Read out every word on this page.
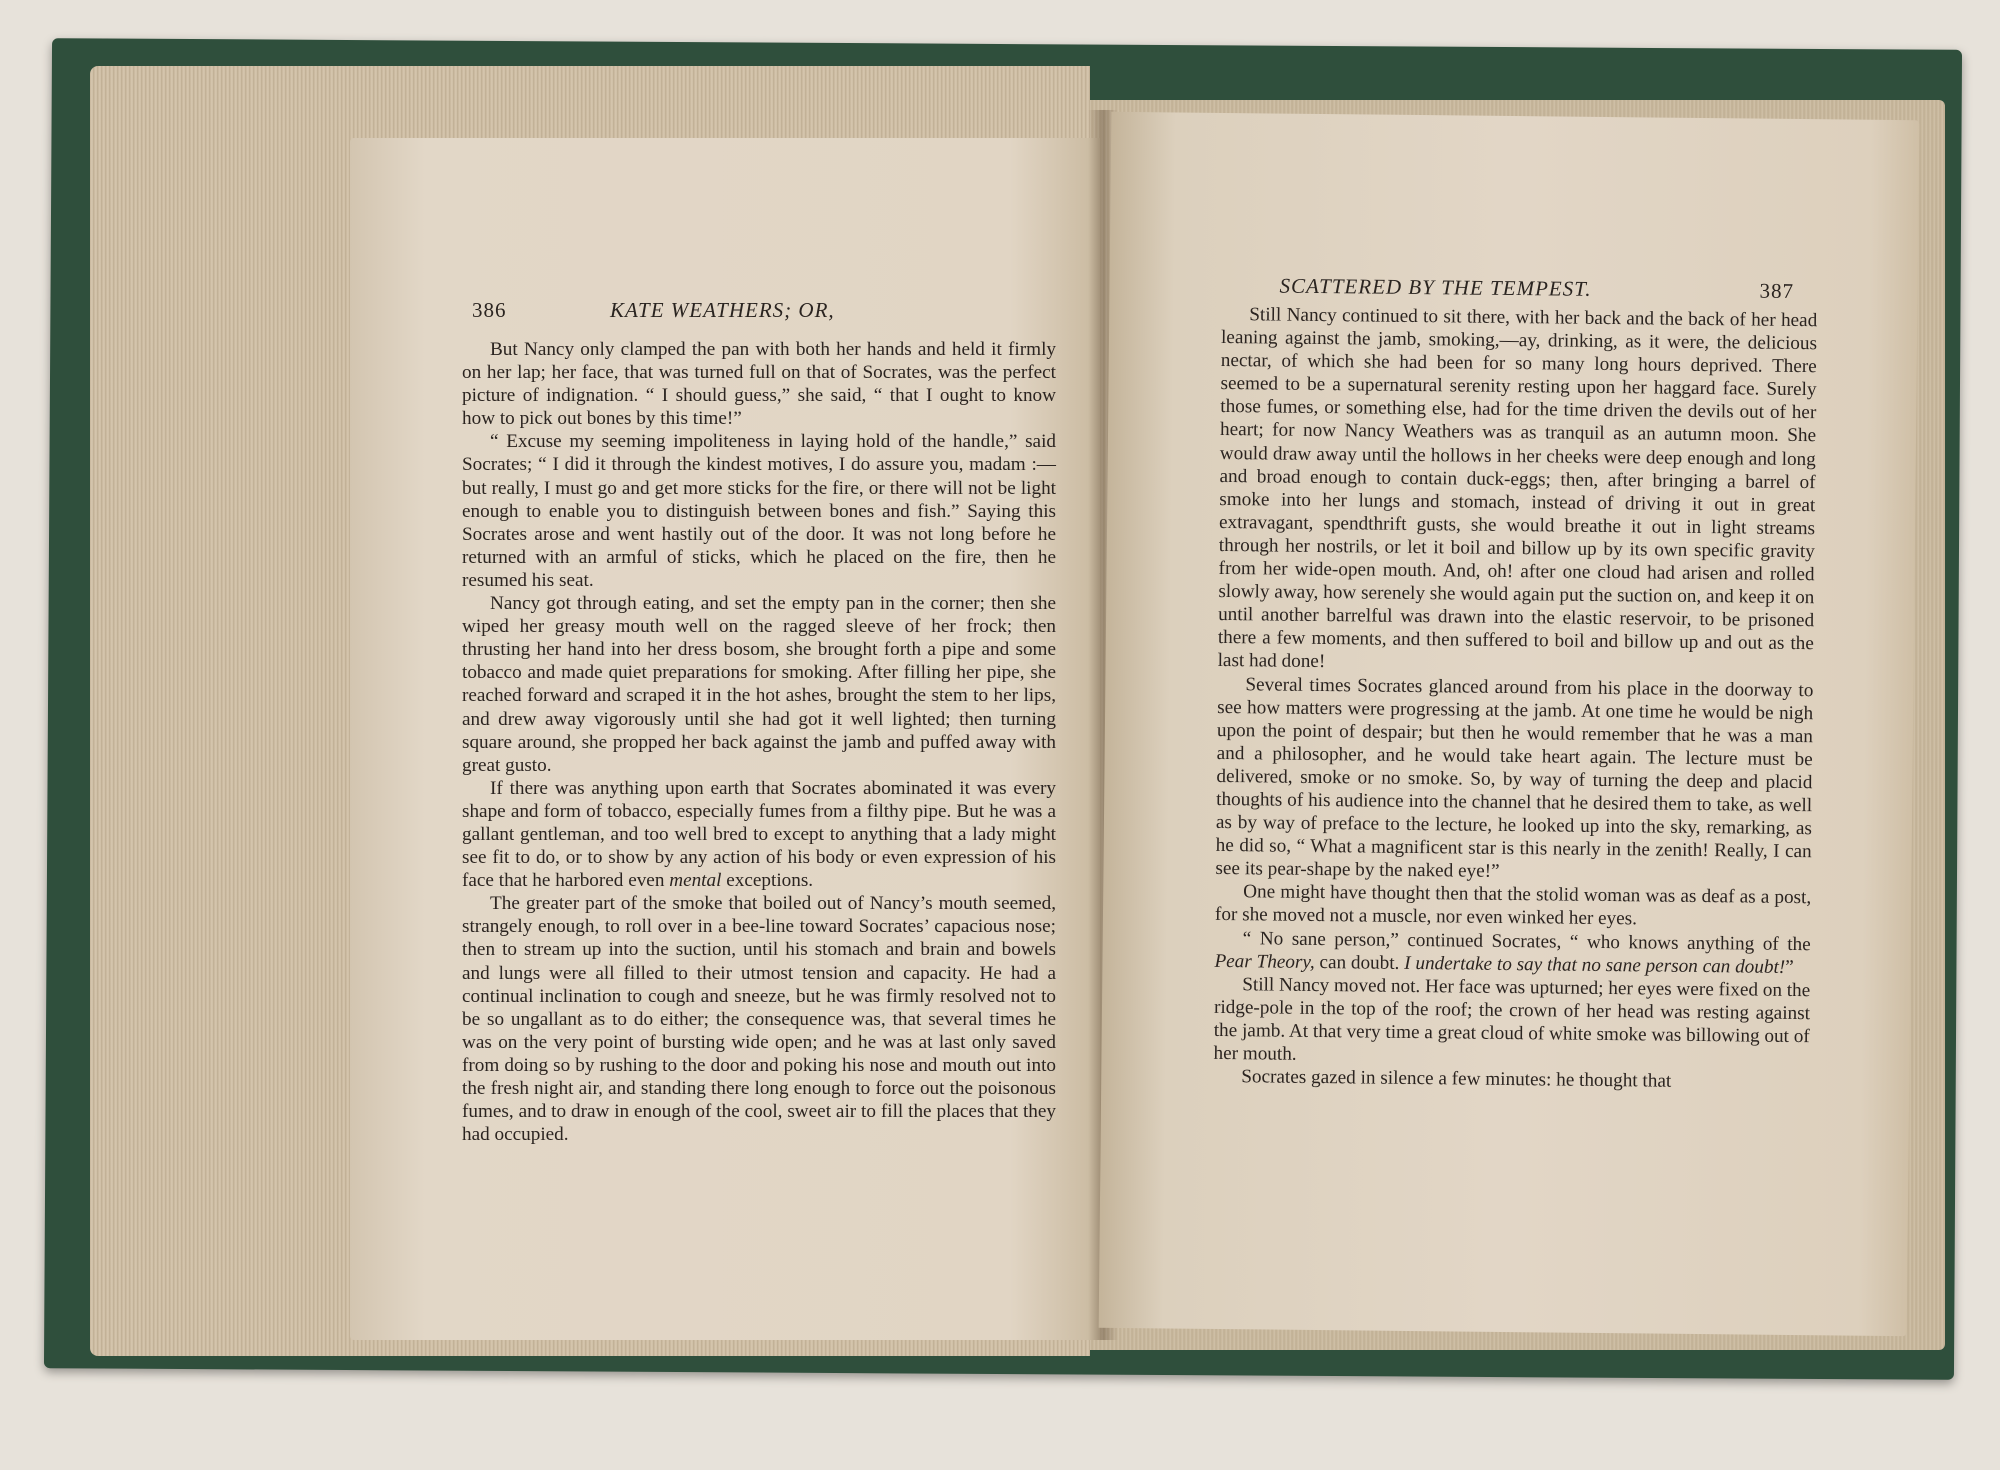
386	KATE WEATHERS; OR,

But Nancy only clamped the pan with both her hands and held it firmly on her lap; her face, that was turned full on that of Socrates, was the perfect picture of indignation. “ I should guess,” she said, “ that I ought to know how to pick out bones by this time!”

“ Excuse my seeming impoliteness in laying hold of the handle,” said Socrates; “ I did it through the kindest motives, I do assure you, madam :—but really, I must go and get more sticks for the fire, or there will not be light enough to enable you to distinguish between bones and fish.” Saying this Socrates arose and went hastily out of the door. It was not long before he returned with an armful of sticks, which he placed on the fire, then he resumed his seat.

Nancy got through eating, and set the empty pan in the corner; then she wiped her greasy mouth well on the ragged sleeve of her frock; then thrusting her hand into her dress bosom, she brought forth a pipe and some tobacco and made quiet preparations for smoking. After filling her pipe, she reached forward and scraped it in the hot ashes, brought the stem to her lips, and drew away vigorously until she had got it well lighted; then turning square around, she propped her back against the jamb and puffed away with great gusto.

If there was anything upon earth that Socrates abominated it was every shape and form of tobacco, especially fumes from a filthy pipe. But he was a gallant gentleman, and too well bred to except to anything that a lady might see fit to do, or to show by any action of his body or even expression of his face that he harbored even mental exceptions.

The greater part of the smoke that boiled out of Nancy’s mouth seemed, strangely enough, to roll over in a bee-line toward Socrates’ capacious nose; then to stream up into the suction, until his stomach and brain and bowels and lungs were all filled to their utmost tension and capacity. He had a continual inclination to cough and sneeze, but he was firmly resolved not to be so ungallant as to do either; the consequence was, that several times he was on the very point of bursting wide open; and he was at last only saved from doing so by rushing to the door and poking his nose and mouth out into the fresh night air, and standing there long enough to force out the poisonous fumes, and to draw in enough of the cool, sweet air to fill the places that they had occupied.

SCATTERED BY THE TEMPEST.	387

Still Nancy continued to sit there, with her back and the back of her head leaning against the jamb, smoking,—ay, drinking, as it were, the delicious nectar, of which she had been for so many long hours deprived. There seemed to be a supernatural serenity resting upon her haggard face. Surely those fumes, or something else, had for the time driven the devils out of her heart; for now Nancy Weathers was as tranquil as an autumn moon. She would draw away until the hollows in her cheeks were deep enough and long and broad enough to contain duck-eggs; then, after bringing a barrel of smoke into her lungs and stomach, instead of driving it out in great extravagant, spendthrift gusts, she would breathe it out in light streams through her nostrils, or let it boil and billow up by its own specific gravity from her wide-open mouth. And, oh! after one cloud had arisen and rolled slowly away, how serenely she would again put the suction on, and keep it on until another barrelful was drawn into the elastic reservoir, to be prisoned there a few moments, and then suffered to boil and billow up and out as the last had done!

Several times Socrates glanced around from his place in the doorway to see how matters were progressing at the jamb. At one time he would be nigh upon the point of despair; but then he would remember that he was a man and a philosopher, and he would take heart again. The lecture must be delivered, smoke or no smoke. So, by way of turning the deep and placid thoughts of his audience into the channel that he desired them to take, as well as by way of preface to the lecture, he looked up into the sky, remarking, as he did so, “ What a magnificent star is this nearly in the zenith! Really, I can see its pear-shape by the naked eye!”

One might have thought then that the stolid woman was as deaf as a post, for she moved not a muscle, nor even winked her eyes.

“ No sane person,” continued Socrates, “ who knows anything of the Pear Theory, can doubt. I undertake to say that no sane person can doubt!”

Still Nancy moved not. Her face was upturned; her eyes were fixed on the ridge-pole in the top of the roof; the crown of her head was resting against the jamb. At that very time a great cloud of white smoke was billowing out of her mouth.

Socrates gazed in silence a few minutes: he thought that
